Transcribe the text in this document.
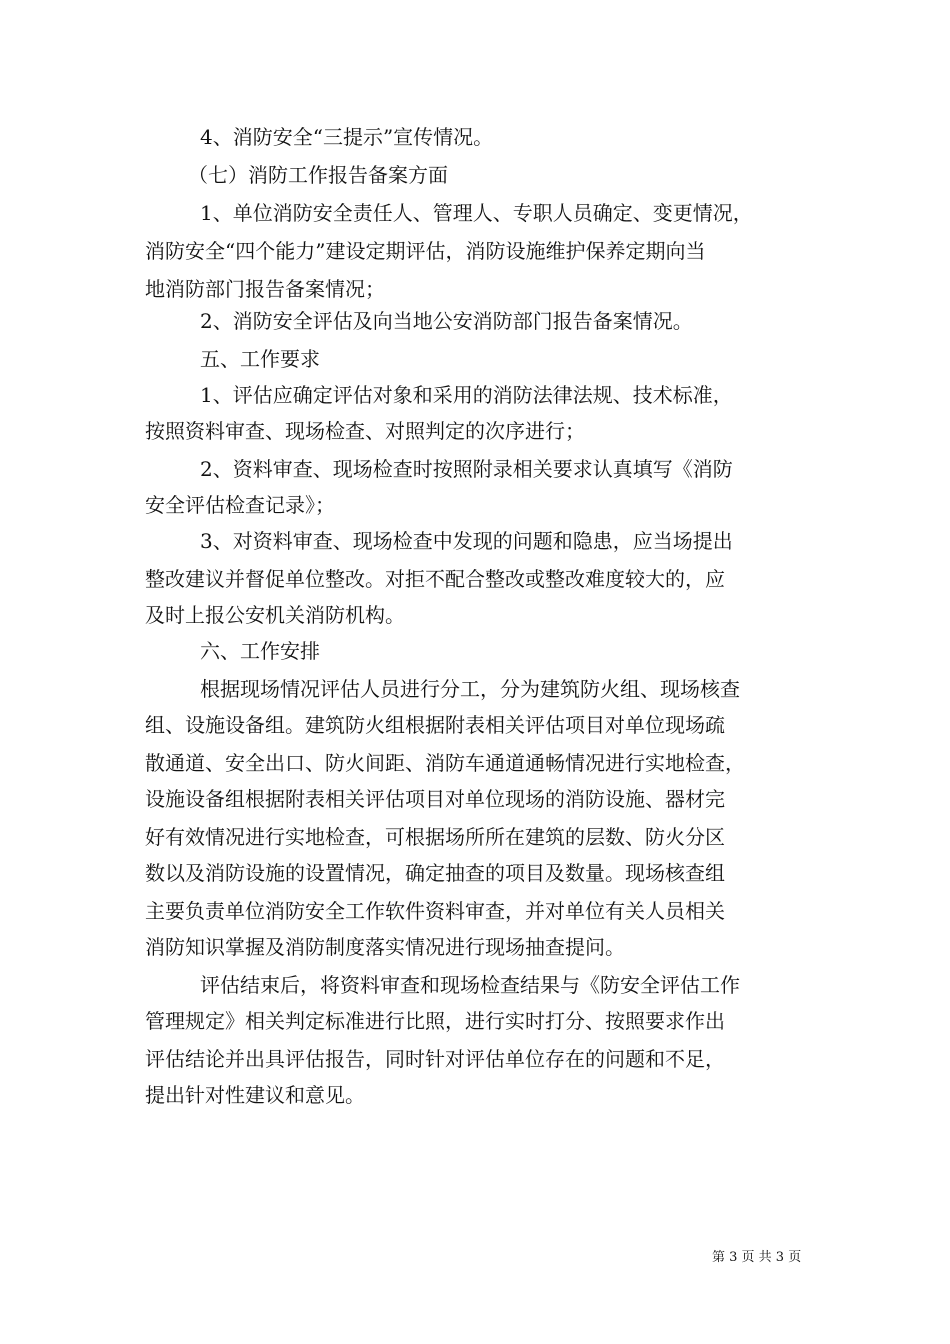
4、消防安全“三提示”宣传情况。
（七）消防工作报告备案方面
1、单位消防安全责任人、管理人、专职人员确定、变更情况，
消防安全“四个能力”建设定期评估，消防设施维护保养定期向当
地消防部门报告备案情况；
2、消防安全评估及向当地公安消防部门报告备案情况。
五、工作要求
1、评估应确定评估对象和采用的消防法律法规、技术标准，
按照资料审查、现场检查、对照判定的次序进行；
2、资料审查、现场检查时按照附录相关要求认真填写《消防
安全评估检查记录》；
3、对资料审查、现场检查中发现的问题和隐患，应当场提出
整改建议并督促单位整改。对拒不配合整改或整改难度较大的，应
及时上报公安机关消防机构。
六、工作安排
根据现场情况评估人员进行分工，分为建筑防火组、现场核查
组、设施设备组。建筑防火组根据附表相关评估项目对单位现场疏
散通道、安全出口、防火间距、消防车通道通畅情况进行实地检查，
设施设备组根据附表相关评估项目对单位现场的消防设施、器材完
好有效情况进行实地检查，可根据场所所在建筑的层数、防火分区
数以及消防设施的设置情况，确定抽查的项目及数量。现场核查组
主要负责单位消防安全工作软件资料审查，并对单位有关人员相关
消防知识掌握及消防制度落实情况进行现场抽查提问。
评估结束后，将资料审查和现场检查结果与《防安全评估工作
管理规定》相关判定标准进行比照，进行实时打分、按照要求作出
评估结论并出具评估报告，同时针对评估单位存在的问题和不足，
提出针对性建议和意见。
第 3 页 共 3 页
